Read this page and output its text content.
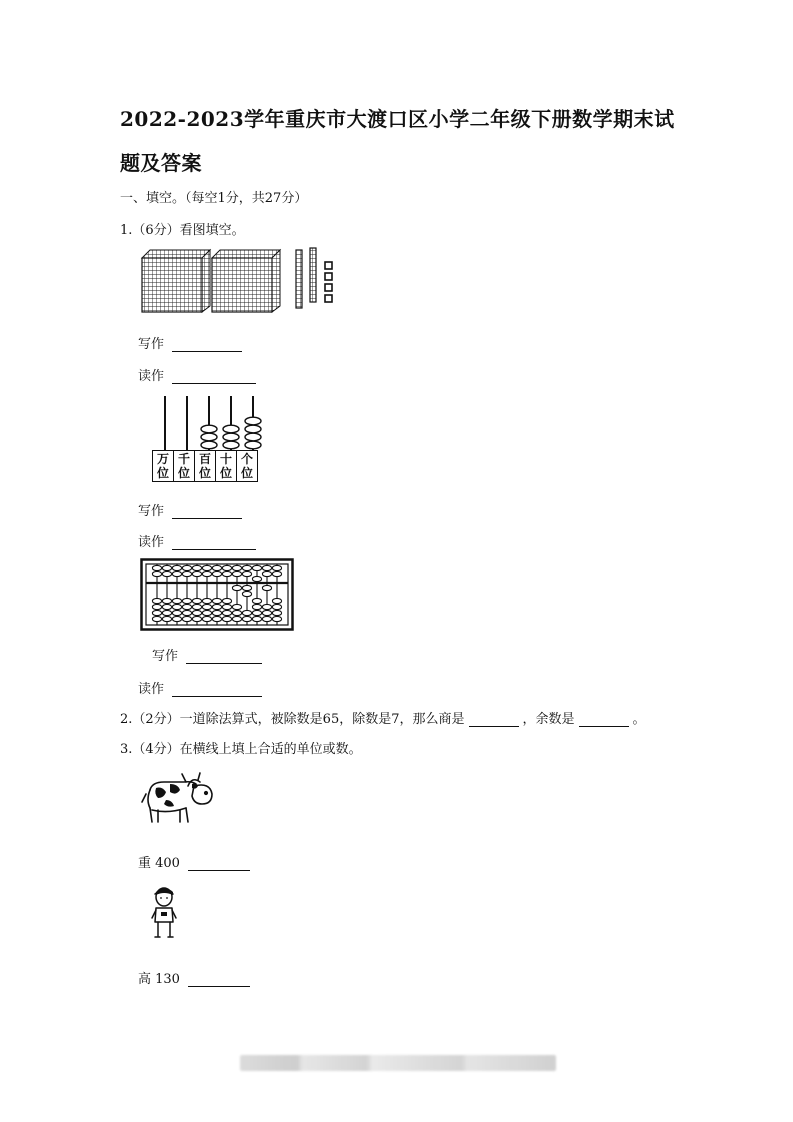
2022-2023学年重庆市大渡口区小学二年级下册数学期末试
题及答案
一、填空。（每空1分，共27分）
1.（6分）看图填空。
写作
读作
万
位
千
位
百
位
十
位
个
位
写作
读作
写作
读作
2.（2分）一道除法算式，被除数是65，除数是7，那么商是	，余数是	。
3.（4分）在横线上填上合适的单位或数。
重 400
高 130
